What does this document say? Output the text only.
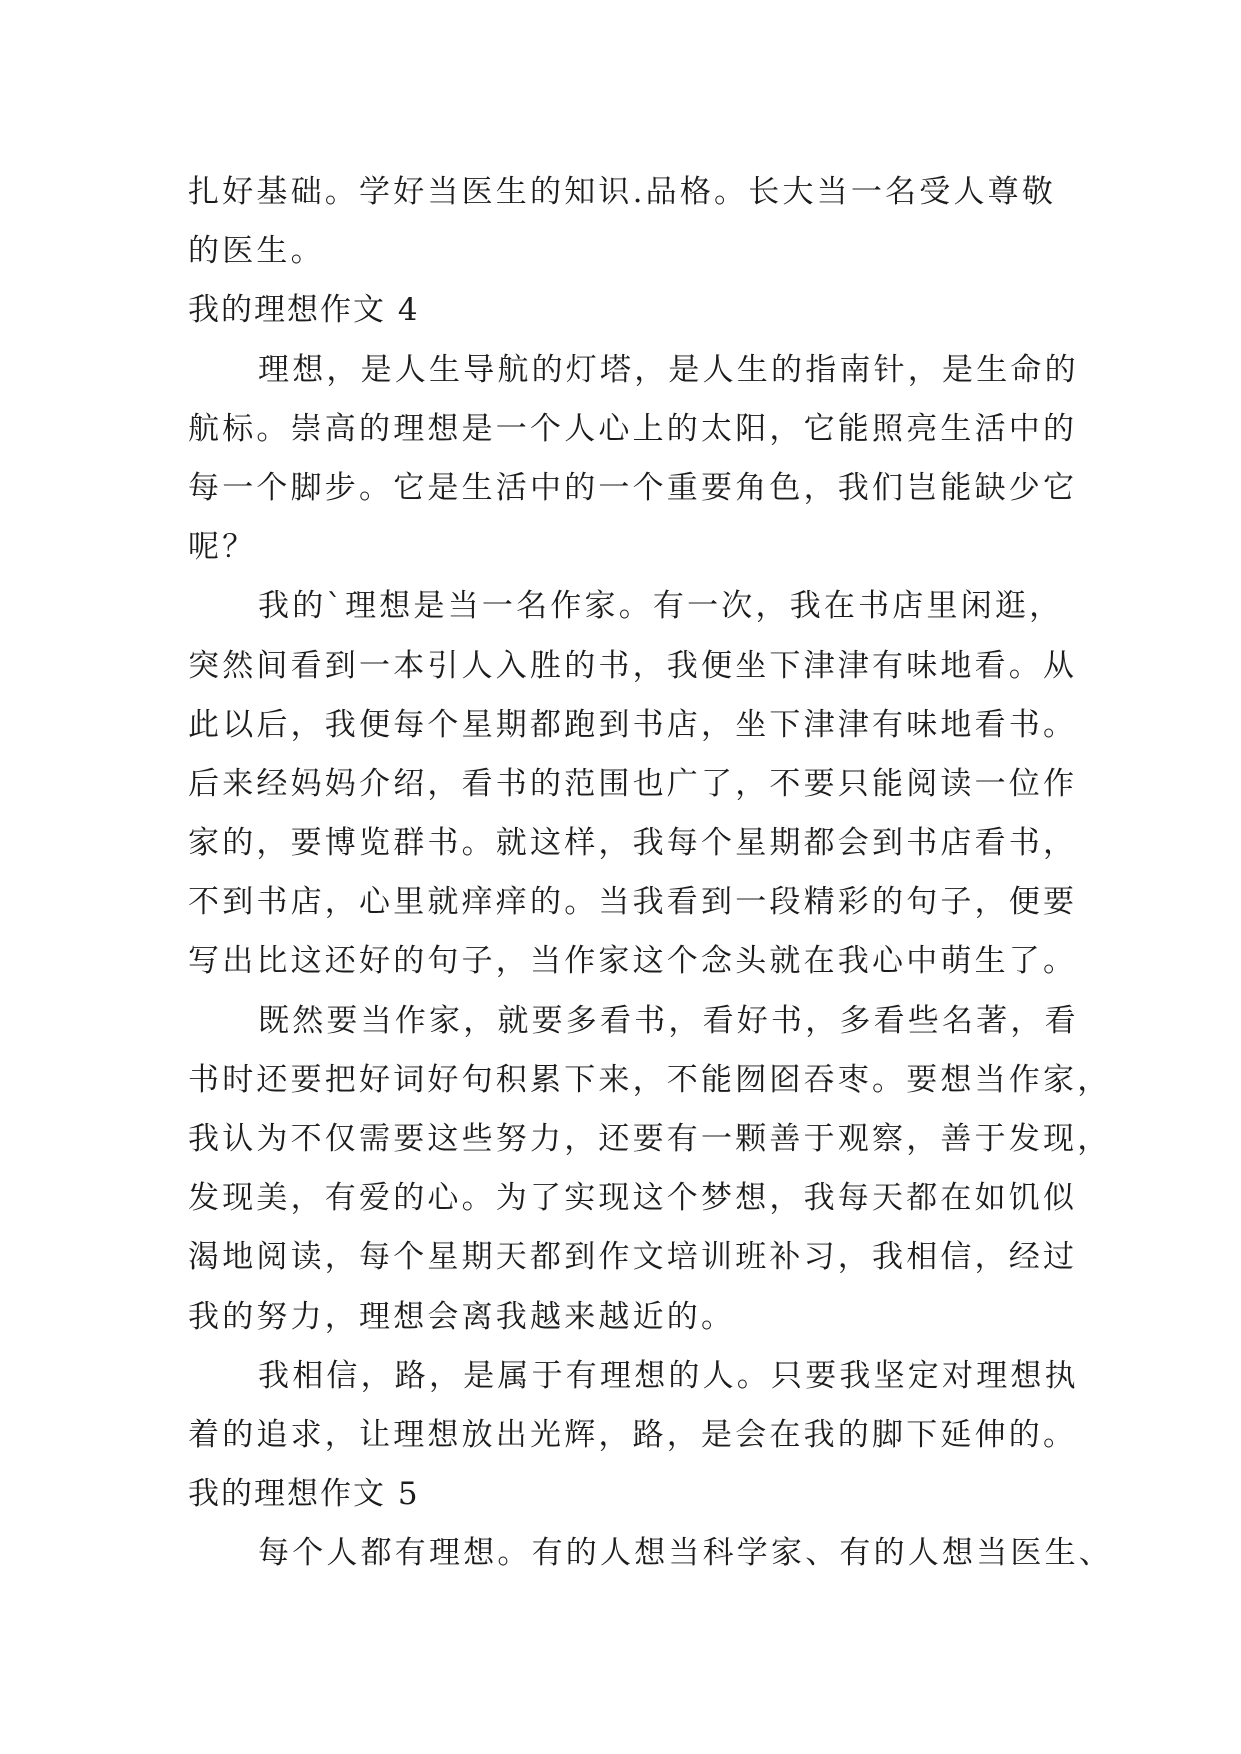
扎好基础。学好当医生的知识.品格。长大当一名受人尊敬
的医生。
我的理想作文 4
理想，是人生导航的灯塔，是人生的指南针，是生命的
航标。崇高的理想是一个人心上的太阳，它能照亮生活中的
每一个脚步。它是生活中的一个重要角色，我们岂能缺少它
呢？
我的`理想是当一名作家。有一次，我在书店里闲逛，
突然间看到一本引人入胜的书，我便坐下津津有味地看。从
此以后，我便每个星期都跑到书店，坐下津津有味地看书。
后来经妈妈介绍，看书的范围也广了，不要只能阅读一位作
家的，要博览群书。就这样，我每个星期都会到书店看书，
不到书店，心里就痒痒的。当我看到一段精彩的句子，便要
写出比这还好的句子，当作家这个念头就在我心中萌生了。
既然要当作家，就要多看书，看好书，多看些名著，看
书时还要把好词好句积累下来，不能囫囵吞枣。要想当作家，
我认为不仅需要这些努力，还要有一颗善于观察，善于发现，
发现美，有爱的心。为了实现这个梦想，我每天都在如饥似
渴地阅读，每个星期天都到作文培训班补习，我相信，经过
我的努力，理想会离我越来越近的。
我相信，路，是属于有理想的人。只要我坚定对理想执
着的追求，让理想放出光辉，路，是会在我的脚下延伸的。
我的理想作文 5
每个人都有理想。有的人想当科学家、有的人想当医生、
